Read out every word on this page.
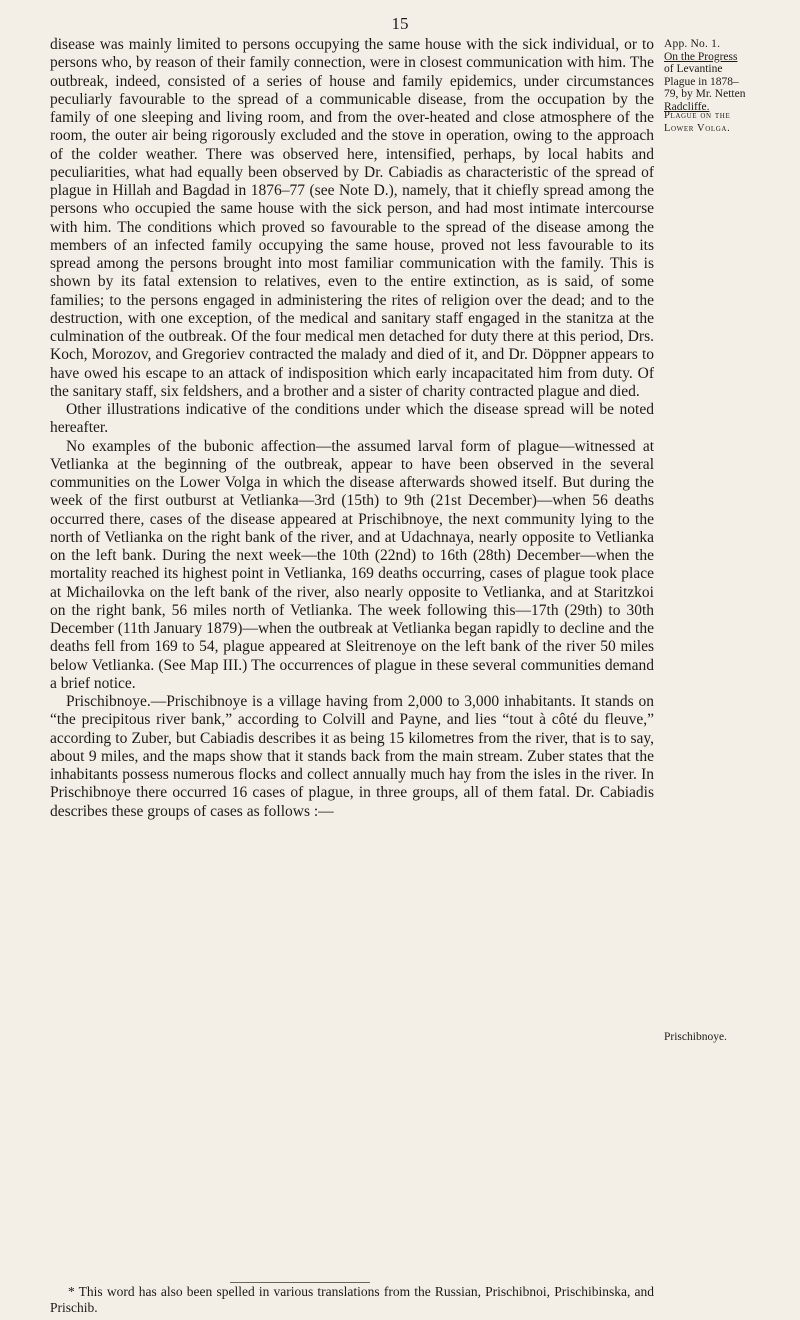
15
App. No. 1.
On the Progress
of Levantine
Plague in 1878–
79, by Mr. Netten
Radcliffe.
Plague on the
Lower Volga.
Prischibnoye.

disease was mainly limited to persons occupying the same house with the sick individual, or to persons who, by reason of their family connection, were in closest communication with him. The outbreak, indeed, consisted of a series of house and family epidemics, under circumstances peculiarly favourable to the spread of a communicable disease, from the occupation by the family of one sleeping and living room, and from the over-heated and close atmosphere of the room, the outer air being rigorously excluded and the stove in operation, owing to the approach of the colder weather. There was observed here, intensified, perhaps, by local habits and peculiarities, what had equally been observed by Dr. Cabiadis as characteristic of the spread of plague in Hillah and Bagdad in 1876–77 (see Note D.), namely, that it chiefly spread among the persons who occupied the same house with the sick person, and had most intimate intercourse with him. The conditions which proved so favourable to the spread of the disease among the members of an infected family occupying the same house, proved not less favourable to its spread among the persons brought into most familiar communication with the family. This is shown by its fatal extension to relatives, even to the entire extinction, as is said, of some families; to the persons engaged in administering the rites of religion over the dead; and to the destruction, with one exception, of the medical and sanitary staff engaged in the stanitza at the culmination of the outbreak. Of the four medical men detached for duty there at this period, Drs. Koch, Morozov, and Gregoriev contracted the malady and died of it, and Dr. Döppner appears to have owed his escape to an attack of indisposition which early incapacitated him from duty. Of the sanitary staff, six feldshers, and a brother and a sister of charity contracted plague and died.

Other illustrations indicative of the conditions under which the disease spread will be noted hereafter.

No examples of the bubonic affection—the assumed larval form of plague—witnessed at Vetlianka at the beginning of the outbreak, appear to have been observed in the several communities on the Lower Volga in which the disease afterwards showed itself. But during the week of the first outburst at Vetlianka—3rd (15th) to 9th (21st December)—when 56 deaths occurred there, cases of the disease appeared at Prischibnoye, the next community lying to the north of Vetlianka on the right bank of the river, and at Udachnaya, nearly opposite to Vetlianka on the left bank. During the next week—the 10th (22nd) to 16th (28th) December—when the mortality reached its highest point in Vetlianka, 169 deaths occurring, cases of plague took place at Michailovka on the left bank of the river, also nearly opposite to Vetlianka, and at Staritzkoi on the right bank, 56 miles north of Vetlianka. The week following this—17th (29th) to 30th December (11th January 1879)—when the outbreak at Vetlianka began rapidly to decline and the deaths fell from 169 to 54, plague appeared at Sleitrenoye on the left bank of the river 50 miles below Vetlianka. (See Map III.) The occurrences of plague in these several communities demand a brief notice.

Prischibnoye.—Prischibnoye is a village having from 2,000 to 3,000 inhabitants. It stands on “the precipitous river bank,” according to Colvill and Payne, and lies “tout à côté du fleuve,” according to Zuber, but Cabiadis describes it as being 15 kilometres from the river, that is to say, about 9 miles, and the maps show that it stands back from the main stream. Zuber states that the inhabitants possess numerous flocks and collect annually much hay from the isles in the river. In Prischibnoye there occurred 16 cases of plague, in three groups, all of them fatal. Dr. Cabiadis describes these groups of cases as follows :—

* This word has also been spelled in various translations from the Russian, Prischibnoi, Prischibinska, and Prischib.
